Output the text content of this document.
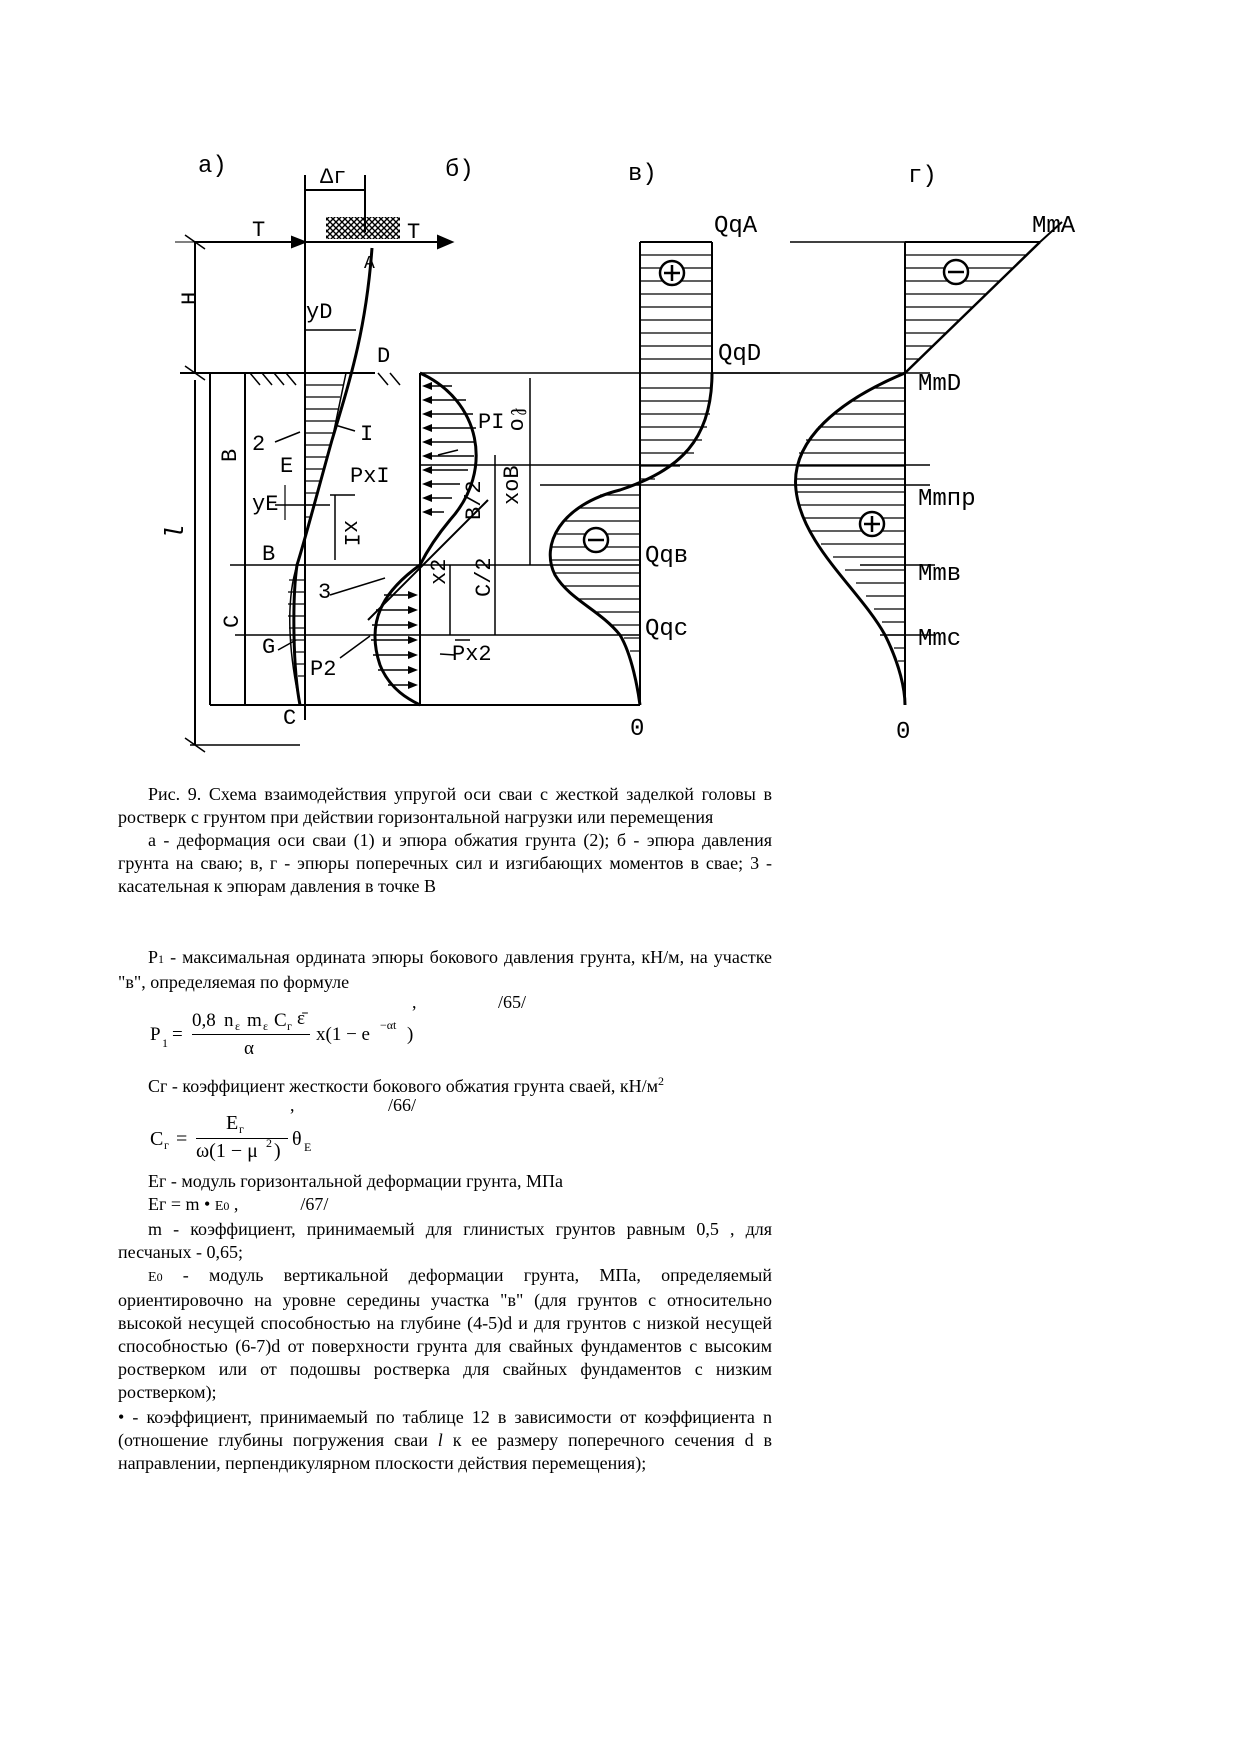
а)	б)	в)	г)
Δг
T	T
A
H
yD
D
2	I
E
B
yE
xI
PxI
B
l
C
G
C
PI ℓo
xoB
B/2
x2 C/2
3
P2
Px2
QqA
QqD
Qqв
Qqc
0
MmA
MmD
Mmпр
Mmв
Mmc
0

Рис. 9. Схема взаимодействия упругой оси сваи с жесткой заделкой головы в ростверк с грунтом при действии горизонтальной нагрузки или перемещения

а - деформация оси сваи (1) и эпюра обжатия грунта (2); б - эпюра давления грунта на сваю; в, г - эпюры поперечных сил и изгибающих моментов в свае; 3 - касательная к эпюрам давления в точке В

P1 - максимальная ордината эпюры бокового давления грунта, кН/м, на участке "в", определяемая по формуле

,	/65/
P 1 =
0,8 n ε m ε C г ε̄
α
x(1 − e −αt )

Cг - коэффициент жесткости бокового обжатия грунта сваей, $кН/м^2$

,	/66/
C г =
E г
ω(1 − μ 2 )
θ E

Eг - модуль горизонтальной деформации грунта, МПа

Eг = m • E0 ,	/67/

m - коэффициент, принимаемый для глинистых грунтов равным 0,5 , для песчаных - 0,65;

E0 - модуль вертикальной деформации грунта, МПа, определяемый ориентировочно на уровне середины участка "в" (для грунтов с относительно высокой несущей способностью на глубине (4-5)d и для грунтов с низкой несущей способностью (6-7)d от поверхности грунта для свайных фундаментов с высоким ростверком или от подошвы ростверка для свайных фундаментов с низким ростверком);

• - коэффициент, принимаемый по таблице 12 в зависимости от коэффициента n (отношение глубины погружения сваи l к ее размеру поперечного сечения d в направлении, перпендикулярном плоскости действия перемещения);
